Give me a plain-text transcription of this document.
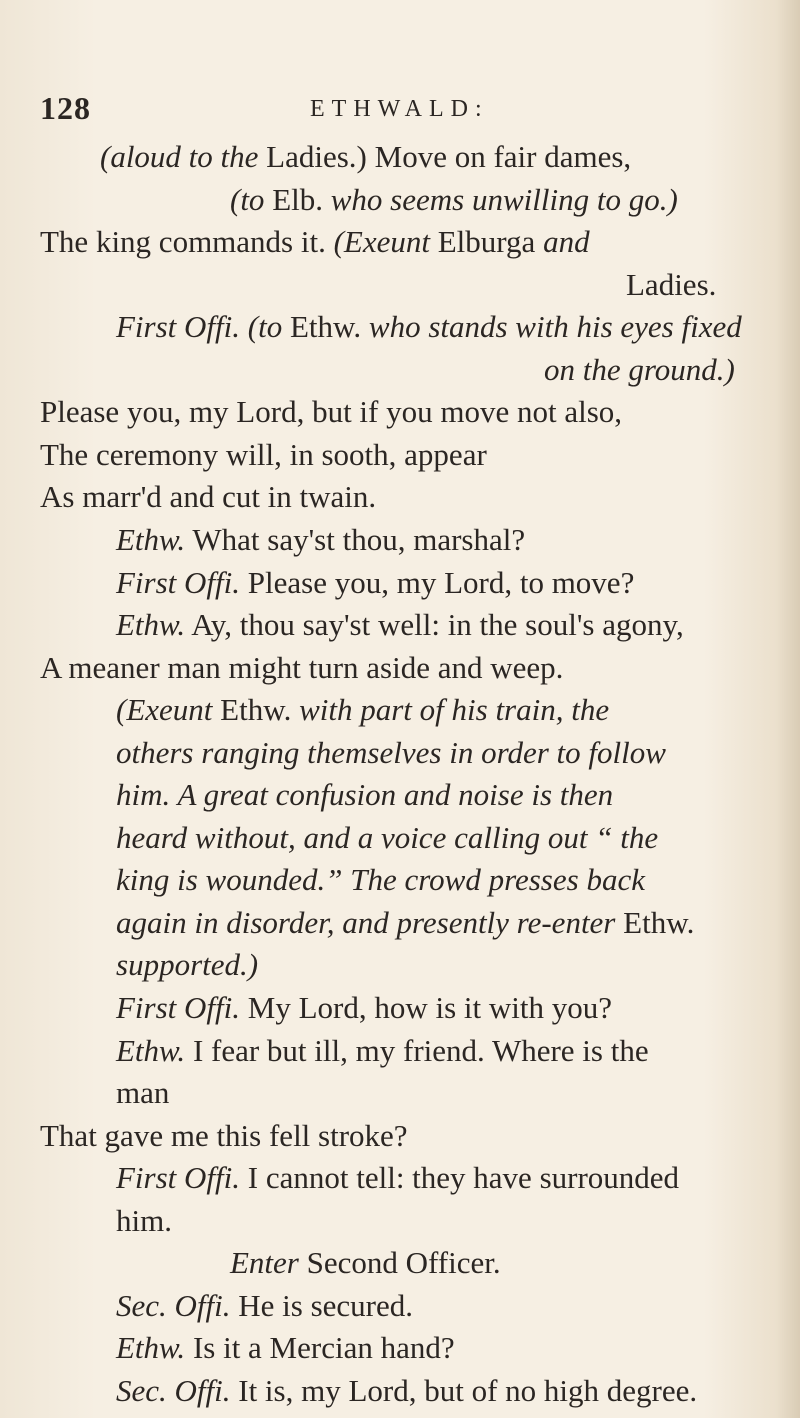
128	ETHWALD:
(aloud to the Ladies.) Move on fair dames,
(to Elb. who seems unwilling to go.)
The king commands it. (Exeunt Elburga and
Ladies.
First Offi. (to Ethw. who stands with his eyes fixed
on the ground.)
Please you, my Lord, but if you move not also,
The ceremony will, in sooth, appear
As marr'd and cut in twain.
Ethw. What say'st thou, marshal?
First Offi. Please you, my Lord, to move?
Ethw. Ay, thou say'st well: in the soul's agony,
A meaner man might turn aside and weep.
(Exeunt Ethw. with part of his train, the
others ranging themselves in order to follow
him. A great confusion and noise is then
heard without, and a voice calling out “ the
king is wounded.” The crowd presses back
again in disorder, and presently re-enter Ethw.
supported.)
First Offi. My Lord, how is it with you?
Ethw. I fear but ill, my friend. Where is the
man
That gave me this fell stroke?
First Offi. I cannot tell: they have surrounded
him.
Enter Second Officer.
Sec. Offi. He is secured.
Ethw. Is it a Mercian hand?
Sec. Offi. It is, my Lord, but of no high degree.
